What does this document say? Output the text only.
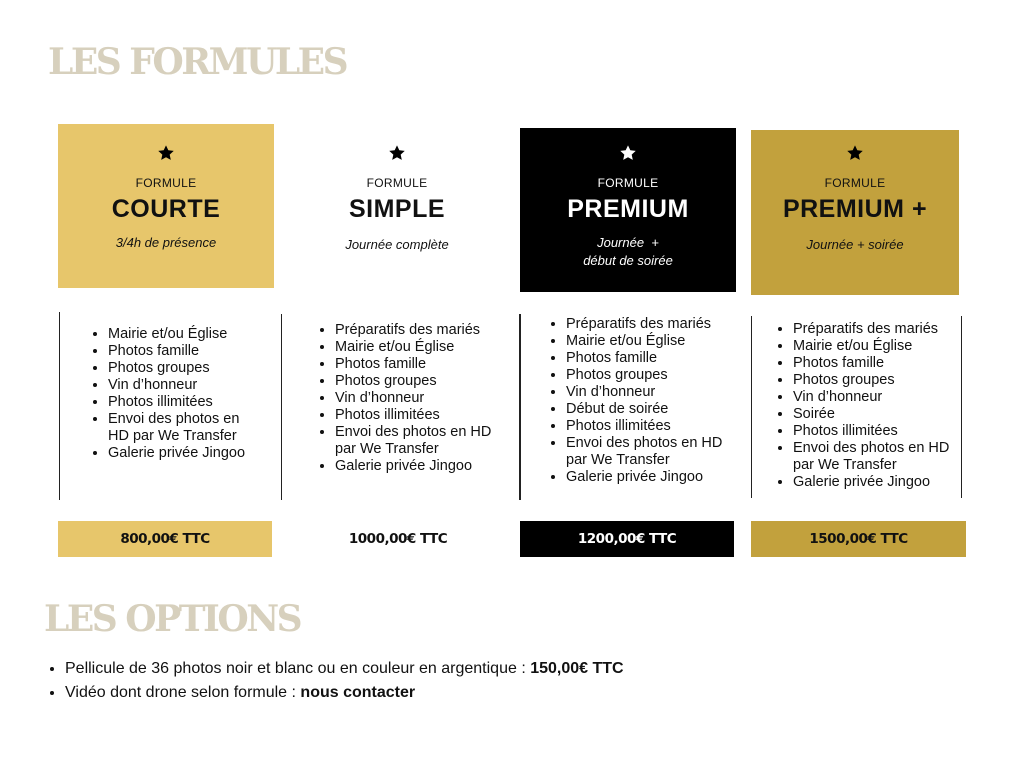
LES FORMULES
FORMULE
COURTE
3/4h de présence
FORMULE
SIMPLE
Journée complète
FORMULE
PREMIUM
Journée  +
début de soirée
FORMULE
PREMIUM +
Journée + soirée
• Mairie et/ou Église
• Photos famille
• Photos groupes
• Vin d’honneur
• Photos illimitées
• Envoi des photos en HD par We Transfer
• Galerie privée Jingoo
• Préparatifs des mariés
• Mairie et/ou Église
• Photos famille
• Photos groupes
• Vin d’honneur
• Photos illimitées
• Envoi des photos en HD par We Transfer
• Galerie privée Jingoo
• Préparatifs des mariés
• Mairie et/ou Église
• Photos famille
• Photos groupes
• Vin d’honneur
• Début de soirée
• Photos illimitées
• Envoi des photos en HD par We Transfer
• Galerie privée Jingoo
• Préparatifs des mariés
• Mairie et/ou Église
• Photos famille
• Photos groupes
• Vin d’honneur
• Soirée
• Photos illimitées
• Envoi des photos en HD par We Transfer
• Galerie privée Jingoo
800,00€ TTC	1000,00€ TTC	1200,00€ TTC	1500,00€ TTC
LES OPTIONS
• Pellicule de 36 photos noir et blanc ou en couleur en argentique : 150,00€ TTC
• Vidéo dont drone selon formule : nous contacter
